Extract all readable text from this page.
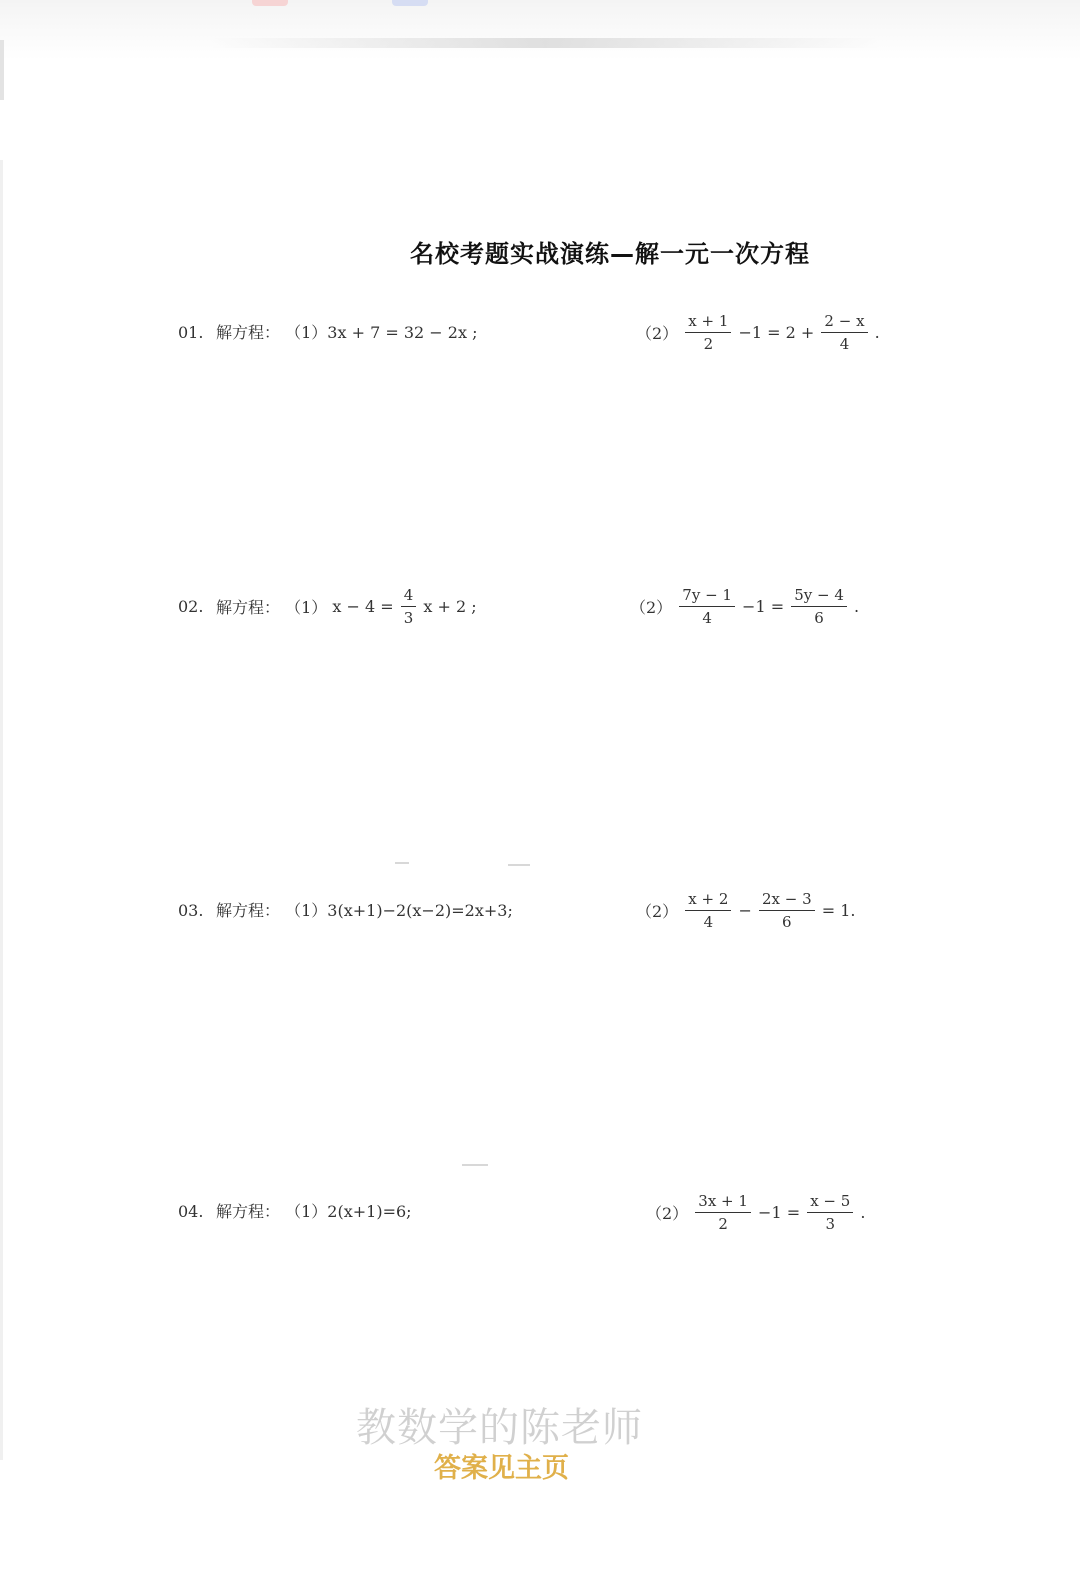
名校考题实战演练—解一元一次方程
01. 解方程： （1）3x + 7 = 32 − 2x ;	$(2) \frac{x + 1}{2} -1 = 2 + \frac{2 - x}{4}$ .
02. 解方程： （1） $x - 4 = \frac{4}{3}$ x + 2 ;	$(2) \frac{7y - 1}{4} -1 = \frac{5y - 4}{6}$ .
03. 解方程： （1）3(x+1)−2(x−2)=2x+3;	$(2) \frac{x + 2}{4} - \frac{2x - 3}{6} = 1$.
04. 解方程： （1）2(x+1)=6;	$(2) \frac{3x + 1}{2} -1 = \frac{x - 5}{3}$ .
教数学的陈老师
答案见主页
